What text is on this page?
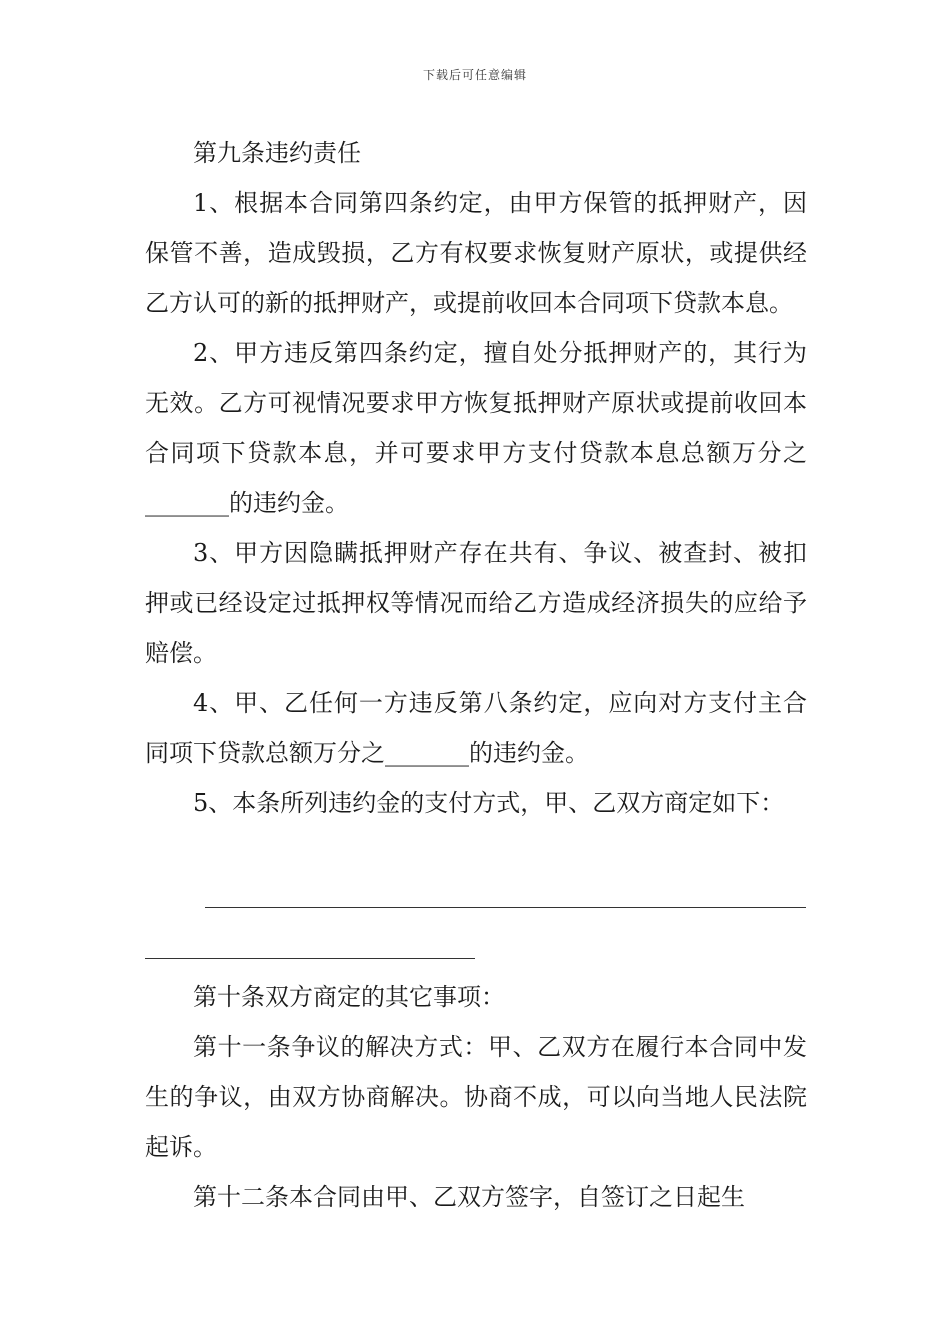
下载后可任意编辑

第九条违约责任

1、根据本合同第四条约定，由甲方保管的抵押财产，因保管不善，造成毁损，乙方有权要求恢复财产原状，或提供经乙方认可的新的抵押财产，或提前收回本合同项下贷款本息。

2、甲方违反第四条约定，擅自处分抵押财产的，其行为无效。乙方可视情况要求甲方恢复抵押财产原状或提前收回本合同项下贷款本息，并可要求甲方支付贷款本息总额万分之_______的违约金。

3、甲方因隐瞒抵押财产存在共有、争议、被查封、被扣押或已经设定过抵押权等情况而给乙方造成经济损失的应给予赔偿。

4、甲、乙任何一方违反第八条约定，应向对方支付主合同项下贷款总额万分之_______的违约金。

5、本条所列违约金的支付方式，甲、乙双方商定如下：

第十条双方商定的其它事项：

第十一条争议的解决方式：甲、乙双方在履行本合同中发生的争议，由双方协商解决。协商不成，可以向当地人民法院起诉。

第十二条本合同由甲、乙双方签字，自签订之日起生
